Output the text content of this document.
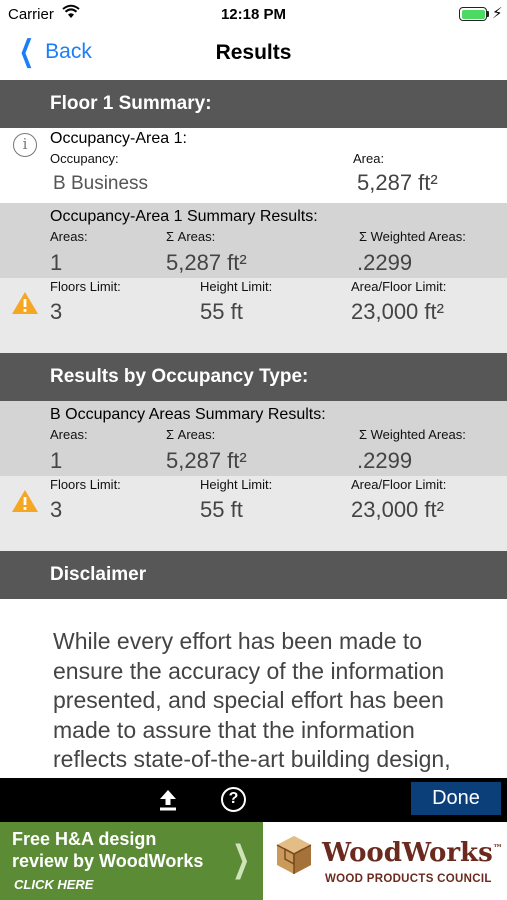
Carrier	12:18 PM	⚡
❮ Back	Results
Floor 1 Summary:
i	Occupancy-Area 1:
Occupancy:
B Business
Area:
5,287 ft²
Occupancy-Area 1 Summary Results:
Areas:
1
Σ Areas:
5,287 ft²
Σ Weighted Areas:
.2299
Floors Limit:
3
Height Limit:
55 ft
Area/Floor Limit:
23,000 ft²
Results by Occupancy Type:
B Occupancy Areas Summary Results:
Areas:
1
Σ Areas:
5,287 ft²
Σ Weighted Areas:
.2299
Floors Limit:
3
Height Limit:
55 ft
Area/Floor Limit:
23,000 ft²
Disclaimer
While every effort has been made to ensure the accuracy of the information presented, and special effort has been made to assure that the information reflects state-of-the-art building design,
?	Done
Free H&A design
review by WoodWorks
CLICK HERE
❯	WoodWorks™
WOOD PRODUCTS COUNCIL
